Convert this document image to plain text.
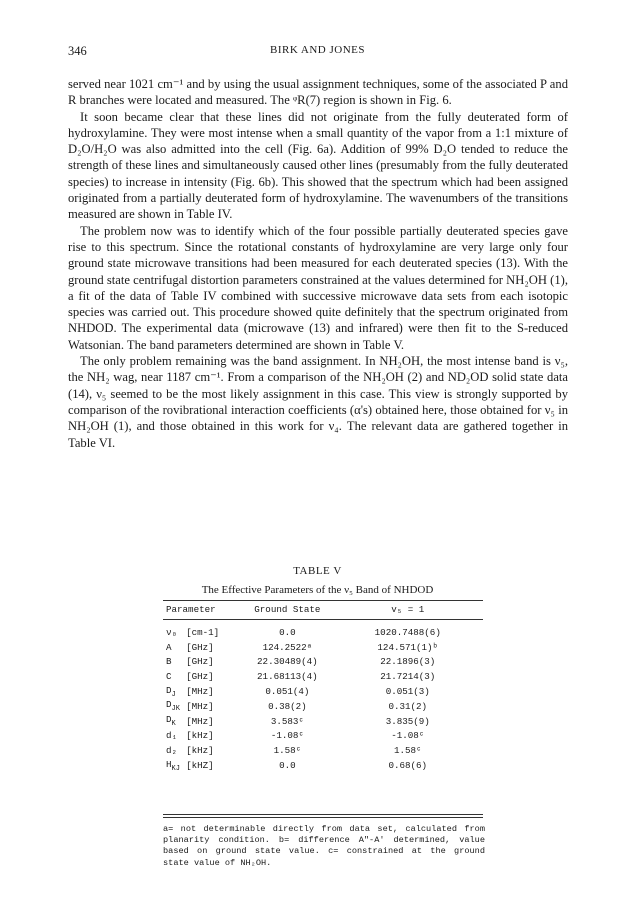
346	BIRK AND JONES

served near 1021 cm⁻¹ and by using the usual assignment techniques, some of the associated P and R branches were located and measured. The ᵠR(7) region is shown in Fig. 6.

It soon became clear that these lines did not originate from the fully deuterated form of hydroxylamine. They were most intense when a small quantity of the vapor from a 1:1 mixture of D₂O/H₂O was also admitted into the cell (Fig. 6a). Addition of 99% D₂O tended to reduce the strength of these lines and simultaneously caused other lines (presumably from the fully deuterated species) to increase in intensity (Fig. 6b). This showed that the spectrum which had been assigned originated from a partially deuterated form of hydroxylamine. The wavenumbers of the transitions measured are shown in Table IV.

The problem now was to identify which of the four possible partially deuterated species gave rise to this spectrum. Since the rotational constants of hydroxylamine are very large only four ground state microwave transitions had been measured for each deuterated species (13). With the ground state centrifugal distortion parameters constrained at the values determined for NH₂OH (1), a fit of the data of Table IV combined with successive microwave data sets from each isotopic species was carried out. This procedure showed quite definitely that the spectrum originated from NHDOD. The experimental data (microwave (13) and infrared) were then fit to the S-reduced Watsonian. The band parameters determined are shown in Table V.

The only problem remaining was the band assignment. In NH₂OH, the most intense band is ν₅, the NH₂ wag, near 1187 cm⁻¹. From a comparison of the NH₂OH (2) and ND₂OD solid state data (14), ν₅ seemed to be the most likely assignment in this case. This view is strongly supported by comparison of the rovibrational interaction coefficients (α's) obtained here, those obtained for ν₅ in NH₂OH (1), and those obtained in this work for ν₄. The relevant data are gathered together in Table VI.

TABLE V
The Effective Parameters of the ν₅ Band of NHDOD
Parameter		Ground State	v₅ = 1

ν₀	[cm-1]	0.0	1020.7488(6)
A	[GHz]	124.2522ᵃ	124.571(1)ᵇ
B	[GHz]	22.30489(4)	22.1896(3)
C	[GHz]	21.68113(4)	21.7214(3)
$D_J$	[MHz]	0.051(4)	0.051(3)
$D_{JK}$	[MHz]	0.38(2)	0.31(2)
$D_K$	[MHz]	3.583ᶜ	3.835(9)
d₁	[kHz]	-1.08ᶜ	-1.08ᶜ
d₂	[kHz]	1.58ᶜ	1.58ᶜ
$H_{KJ}$	[kHZ]	0.0	0.68(6)
a= not determinable directly from data set, calculated from planarity condition. b= difference A"-A' determined, value based on ground state value. c= constrained at the ground state value of NH₂OH.
